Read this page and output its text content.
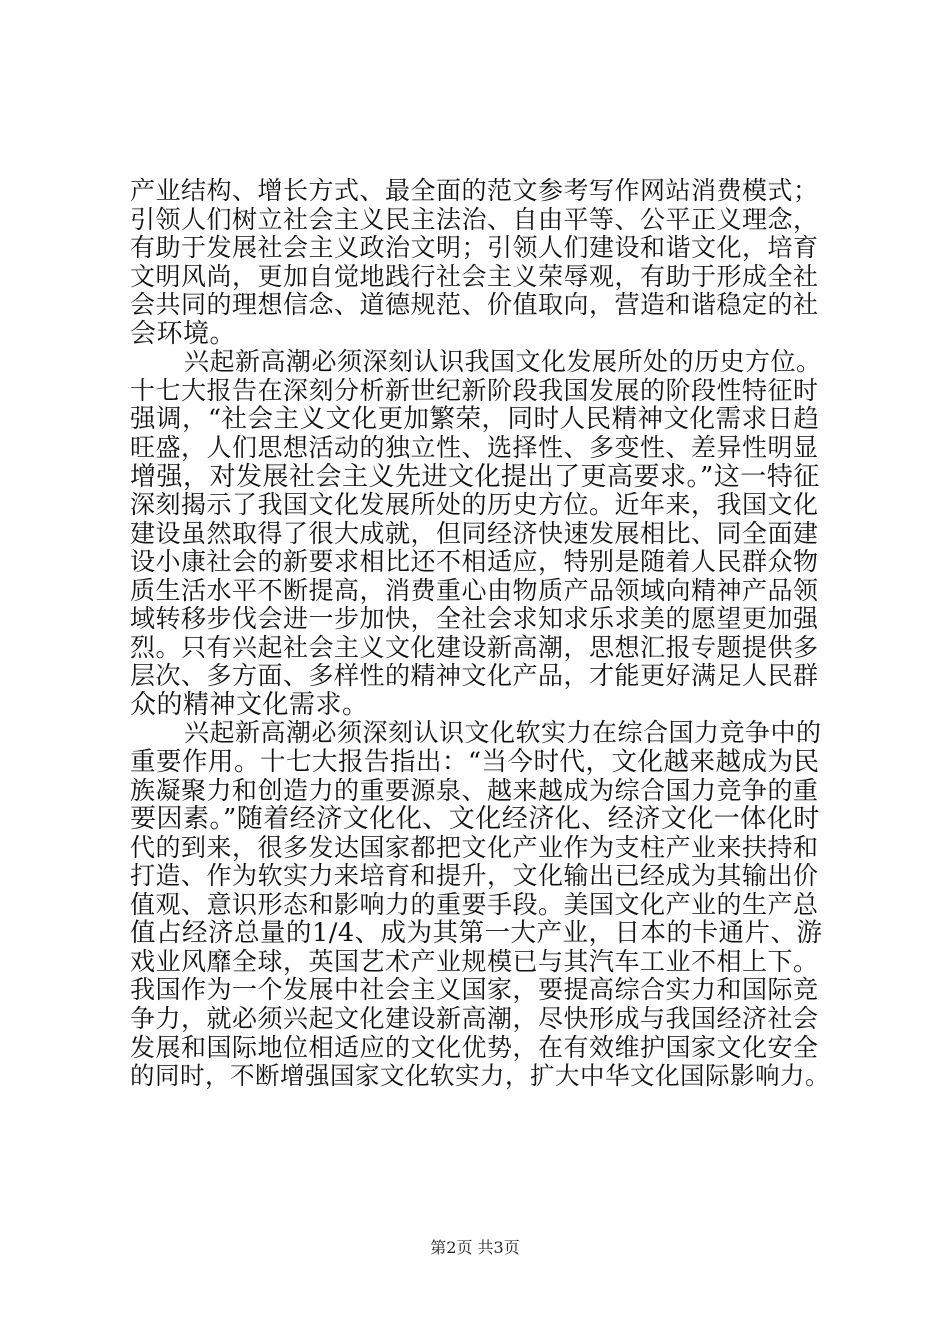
产业结构、增长方式、最全面的范文参考写作网站消费模式；
引领人们树立社会主义民主法治、自由平等、公平正义理念，
有助于发展社会主义政治文明；引领人们建设和谐文化，培育
文明风尚，更加自觉地践行社会主义荣辱观，有助于形成全社
会共同的理想信念、道德规范、价值取向，营造和谐稳定的社
会环境。
兴起新高潮必须深刻认识我国文化发展所处的历史方位。
十七大报告在深刻分析新世纪新阶段我国发展的阶段性特征时
强调，“社会主义文化更加繁荣，同时人民精神文化需求日趋
旺盛，人们思想活动的独立性、选择性、多变性、差异性明显
增强，对发展社会主义先进文化提出了更高要求。”这一特征
深刻揭示了我国文化发展所处的历史方位。近年来，我国文化
建设虽然取得了很大成就，但同经济快速发展相比、同全面建
设小康社会的新要求相比还不相适应，特别是随着人民群众物
质生活水平不断提高，消费重心由物质产品领域向精神产品领
域转移步伐会进一步加快，全社会求知求乐求美的愿望更加强
烈。只有兴起社会主义文化建设新高潮，思想汇报专题提供多
层次、多方面、多样性的精神文化产品，才能更好满足人民群
众的精神文化需求。
兴起新高潮必须深刻认识文化软实力在综合国力竞争中的
重要作用。十七大报告指出：“当今时代，文化越来越成为民
族凝聚力和创造力的重要源泉、越来越成为综合国力竞争的重
要因素。”随着经济文化化、文化经济化、经济文化一体化时
代的到来，很多发达国家都把文化产业作为支柱产业来扶持和
打造、作为软实力来培育和提升，文化输出已经成为其输出价
值观、意识形态和影响力的重要手段。美国文化产业的生产总
值占经济总量的1/4、成为其第一大产业，日本的卡通片、游
戏业风靡全球，英国艺术产业规模已与其汽车工业不相上下。
我国作为一个发展中社会主义国家，要提高综合实力和国际竞
争力，就必须兴起文化建设新高潮，尽快形成与我国经济社会
发展和国际地位相适应的文化优势，在有效维护国家文化安全
的同时，不断增强国家文化软实力，扩大中华文化国际影响力。
第2页 共3页
